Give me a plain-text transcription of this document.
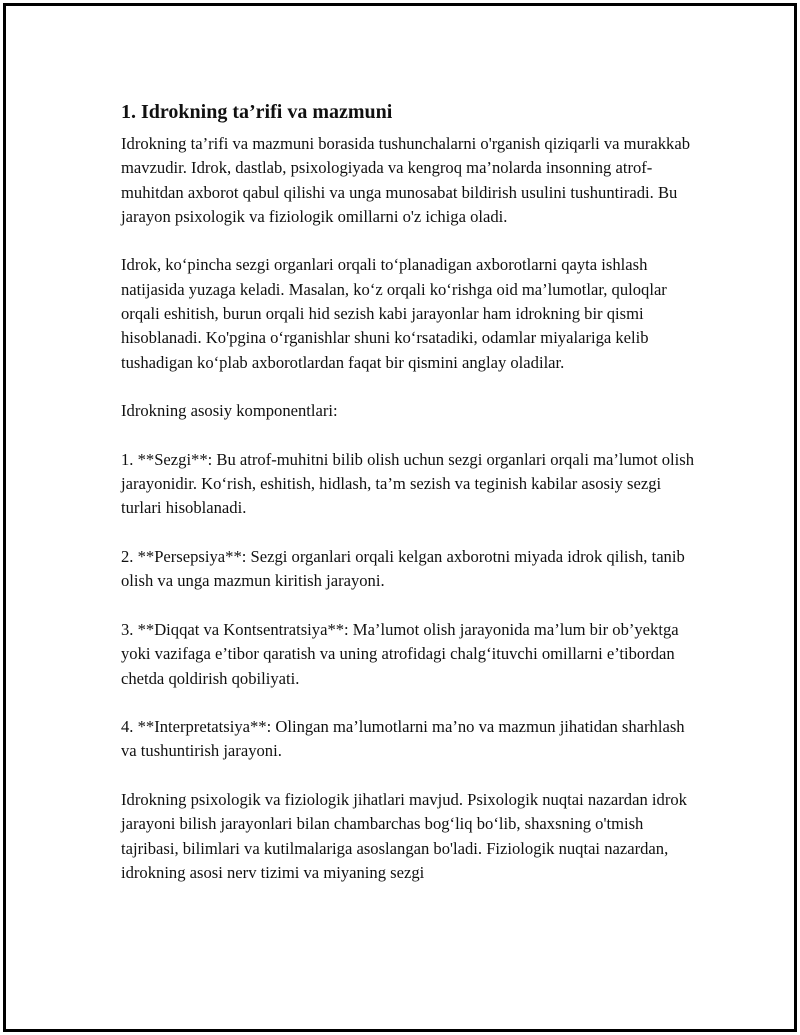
1. Idrokning ta’rifi va mazmuni

Idrokning ta’rifi va mazmuni borasida tushunchalarni o'rganish qiziqarli va murakkab mavzudir. Idrok, dastlab, psixologiyada va kengroq ma’nolarda insonning atrof-muhitdan axborot qabul qilishi va unga munosabat bildirish usulini tushuntiradi. Bu jarayon psixologik va fiziologik omillarni o'z ichiga oladi.

Idrok, ko‘pincha sezgi organlari orqali to‘planadigan axborotlarni qayta ishlash natijasida yuzaga keladi. Masalan, ko‘z orqali ko‘rishga oid ma’lumotlar, quloqlar orqali eshitish, burun orqali hid sezish kabi jarayonlar ham idrokning bir qismi hisoblanadi. Ko'pgina o‘rganishlar shuni ko‘rsatadiki, odamlar miyalariga kelib tushadigan ko‘plab axborotlardan faqat bir qismini anglay oladilar.

Idrokning asosiy komponentlari:

1. **Sezgi**: Bu atrof-muhitni bilib olish uchun sezgi organlari orqali ma’lumot olish jarayonidir. Ko‘rish, eshitish, hidlash, ta’m sezish va teginish kabilar asosiy sezgi turlari hisoblanadi.

2. **Persepsiya**: Sezgi organlari orqali kelgan axborotni miyada idrok qilish, tanib olish va unga mazmun kiritish jarayoni.

3. **Diqqat va Kontsentratsiya**: Ma’lumot olish jarayonida ma’lum bir ob’yektga yoki vazifaga e’tibor qaratish va uning atrofidagi chalg‘ituvchi omillarni e’tibordan chetda qoldirish qobiliyati.

4. **Interpretatsiya**: Olingan ma’lumotlarni ma’no va mazmun jihatidan sharhlash va tushuntirish jarayoni.

Idrokning psixologik va fiziologik jihatlari mavjud. Psixologik nuqtai nazardan idrok jarayoni bilish jarayonlari bilan chambarchas bog‘liq bo‘lib, shaxsning o'tmish tajribasi, bilimlari va kutilmalariga asoslangan bo'ladi. Fiziologik nuqtai nazardan, idrokning asosi nerv tizimi va miyaning sezgi
